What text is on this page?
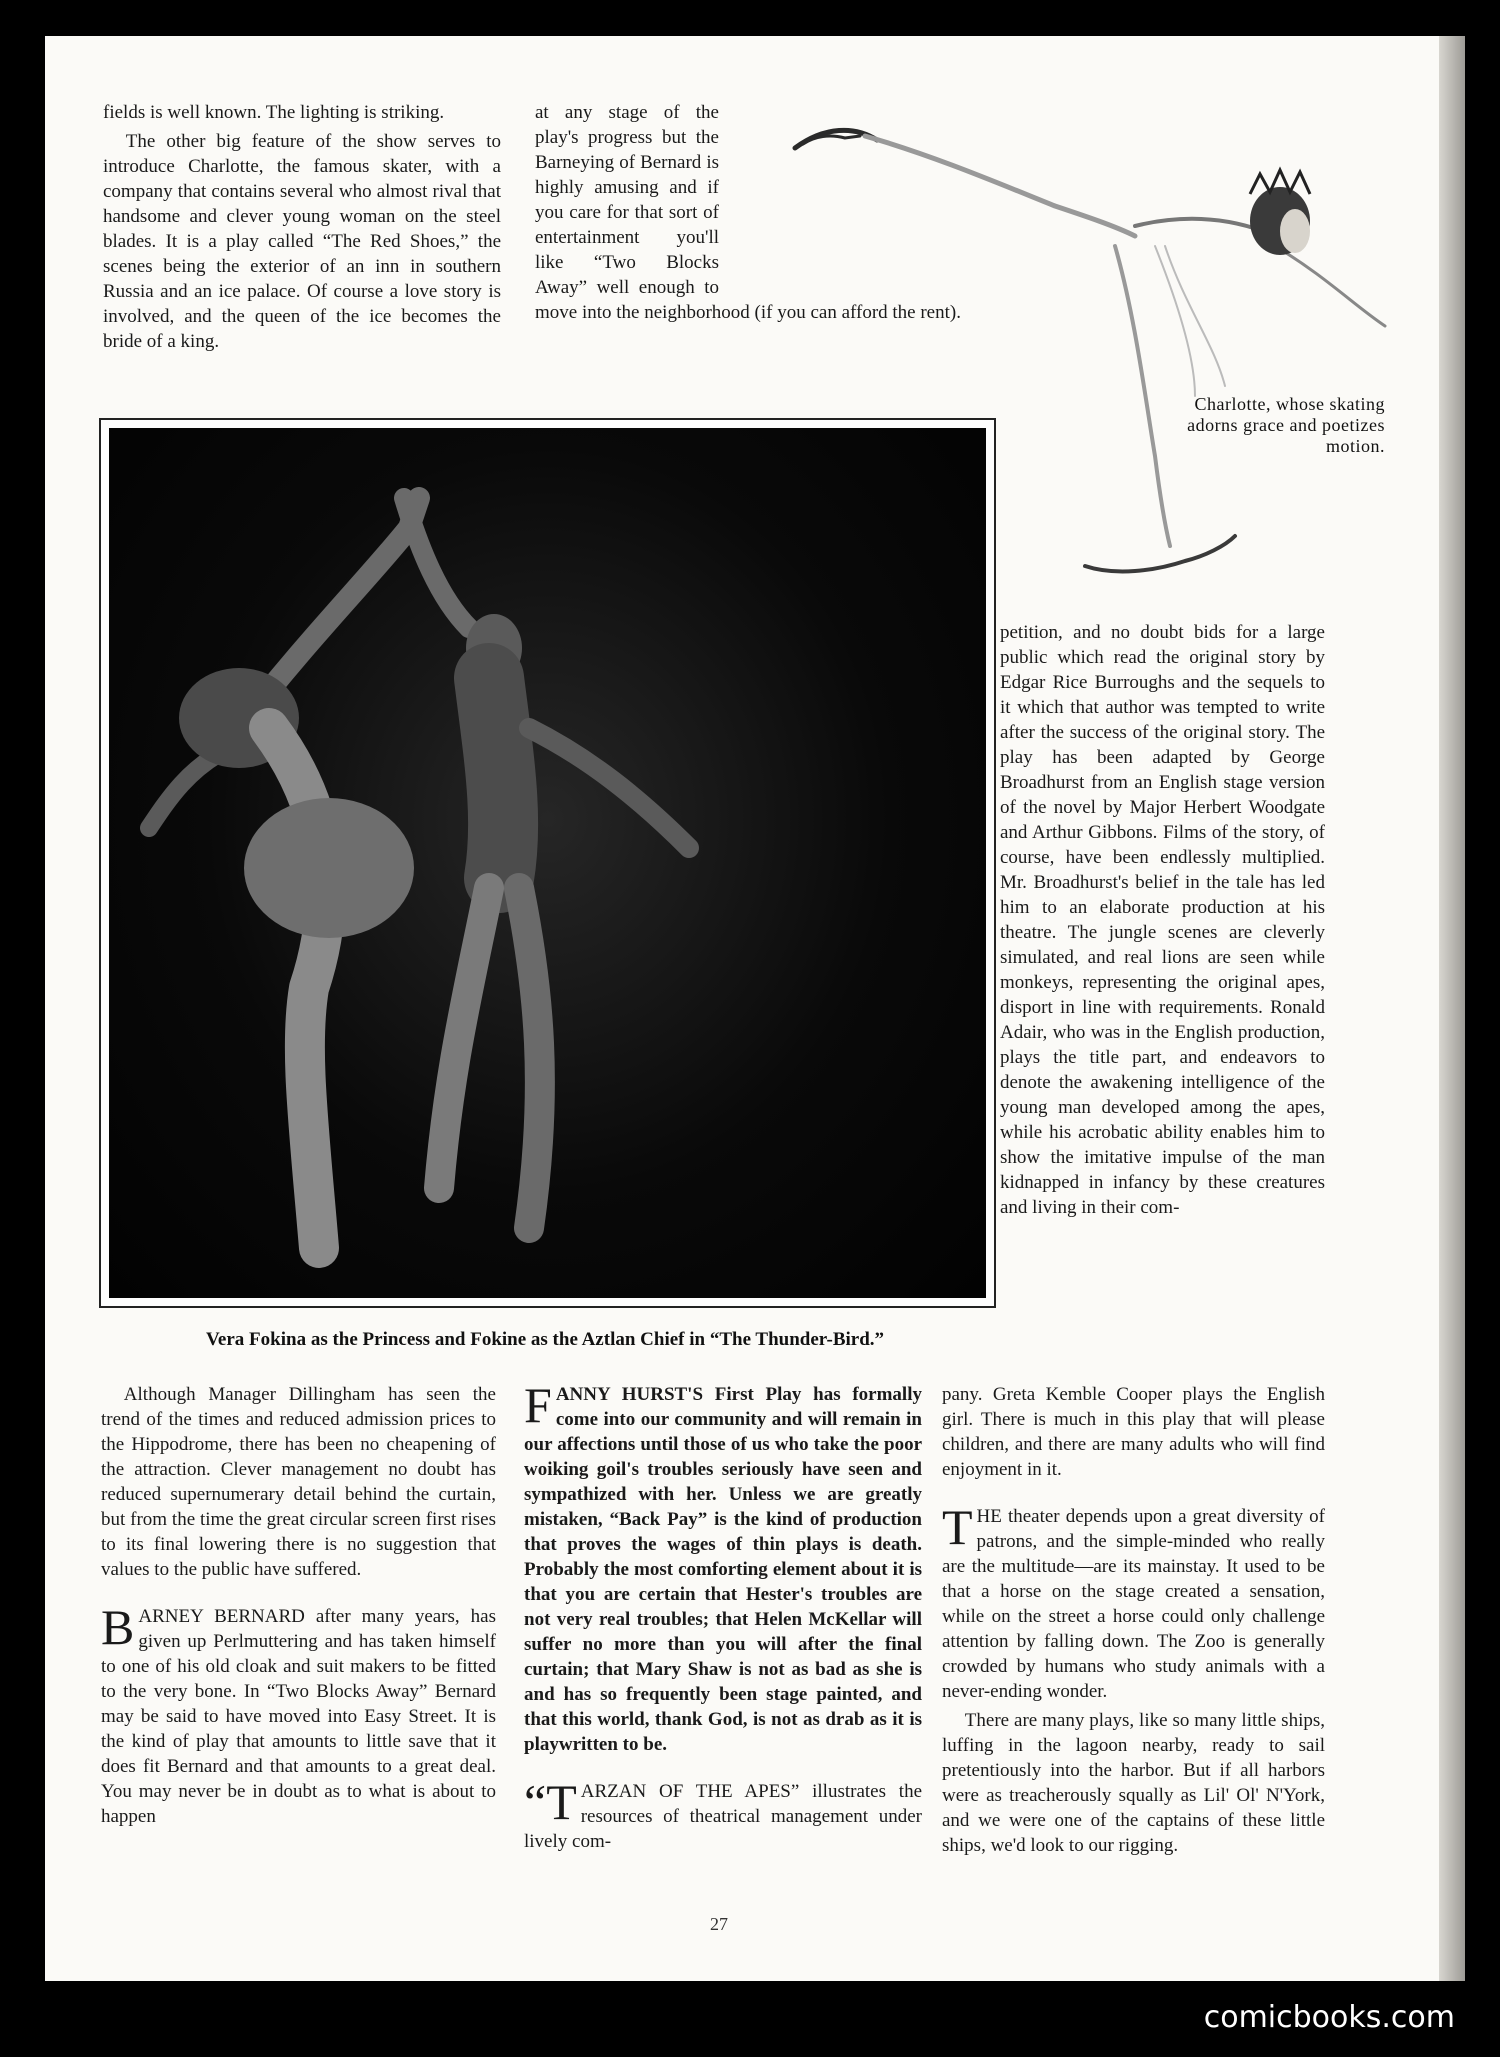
fields is well known. The lighting is striking.

The other big feature of the show serves to introduce Charlotte, the famous skater, with a company that contains several who almost rival that handsome and clever young woman on the steel blades. It is a play called “The Red Shoes,” the scenes being the exterior of an inn in southern Russia and an ice palace. Of course a love story is involved, and the queen of the ice becomes the bride of a king.

at any stage of the play's progress but the Barneying of Bernard is highly amusing and if you care for that sort of entertainment you'll like “Two Blocks Away” well enough to move into the neighborhood (if you can afford the rent).

Charlotte, whose skating adorns grace and poetizes motion.
Vera Fokina as the Princess and Fokine as the Aztlan Chief in “The Thunder-Bird.”

petition, and no doubt bids for a large public which read the original story by Edgar Rice Burroughs and the sequels to it which that author was tempted to write after the success of the original story. The play has been adapted by George Broadhurst from an English stage version of the novel by Major Herbert Woodgate and Arthur Gibbons. Films of the story, of course, have been endlessly multiplied. Mr. Broadhurst's belief in the tale has led him to an elaborate production at his theatre. The jungle scenes are cleverly simulated, and real lions are seen while monkeys, representing the original apes, disport in line with requirements. Ronald Adair, who was in the English production, plays the title part, and endeavors to denote the awakening intelligence of the young man developed among the apes, while his acrobatic ability enables him to show the imitative impulse of the man kidnapped in infancy by these creatures and living in their com-

Although Manager Dillingham has seen the trend of the times and reduced admission prices to the Hippodrome, there has been no cheapening of the attraction. Clever management no doubt has reduced supernumerary detail behind the curtain, but from the time the great circular screen first rises to its final lowering there is no suggestion that values to the public have suffered.

BARNEY BERNARD after many years, has given up Perlmuttering and has taken himself to one of his old cloak and suit makers to be fitted to the very bone. In “Two Blocks Away” Bernard may be said to have moved into Easy Street. It is the kind of play that amounts to little save that it does fit Bernard and that amounts to a great deal. You may never be in doubt as to what is about to happen

FANNY HURST'S First Play has formally come into our community and will remain in our affections until those of us who take the poor woiking goil's troubles seriously have seen and sympathized with her. Unless we are greatly mistaken, “Back Pay” is the kind of production that proves the wages of thin plays is death. Probably the most comforting element about it is that you are certain that Hester's troubles are not very real troubles; that Helen McKellar will suffer no more than you will after the final curtain; that Mary Shaw is not as bad as she is and has so frequently been stage painted, and that this world, thank God, is not as drab as it is playwritten to be.

“TARZAN OF THE APES” illustrates the resources of theatrical management under lively com-

pany. Greta Kemble Cooper plays the English girl. There is much in this play that will please children, and there are many adults who will find enjoyment in it.

THE theater depends upon a great diversity of patrons, and the simple-minded who really are the multitude—are its mainstay. It used to be that a horse on the stage created a sensation, while on the street a horse could only challenge attention by falling down. The Zoo is generally crowded by humans who study animals with a never-ending wonder.

There are many plays, like so many little ships, luffing in the lagoon nearby, ready to sail pretentiously into the harbor. But if all harbors were as treacherously squally as Lil' Ol' N'York, and we were one of the captains of these little ships, we'd look to our rigging.

27
comicbooks.com
